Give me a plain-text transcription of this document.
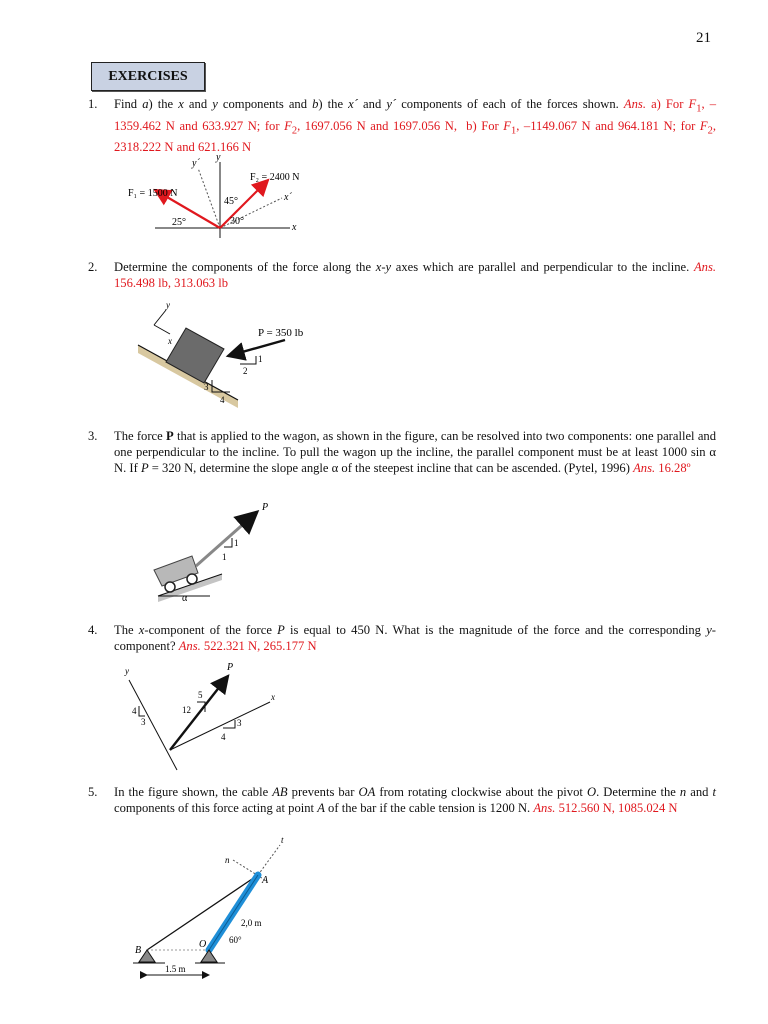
21
EXERCISES
1. Find a) the x and y components and b) the x´ and y´ components of each of the forces shown. Ans. a) For $F_1$, –1359.462 N and 633.927 N; for $F_2$, 1697.056 N and 1697.056 N,  b) For $F_1$, –1149.067 N and 964.181 N; for $F_2$, 2318.222 N and 621.166 N
F₁ = 1500 N
F₂ = 2400 N
25°
45°
30°
x
y
x´
y´
2. Determine the components of the force along the x-y axes which are parallel and perpendicular to the incline. Ans. 156.498 lb, 313.063 lb
y
x
P = 350 lb
1
2
3
4
3. The force P that is applied to the wagon, as shown in the figure, can be resolved into two components: one parallel and one perpendicular to the incline. To pull the wagon up the incline, the parallel component must be at least 1000 sin α N. If P = 320 N, determine the slope angle α of the steepest incline that can be ascended. (Pytel, 1996) Ans. 16.28º
P
1
1
α
4. The x-component of the force P is equal to 450 N. What is the magnitude of the force and the corresponding y-component? Ans. 522.321 N, 265.177 N
y
x
P
4
3
5
12
3
4
5. In the figure shown, the cable AB prevents bar OA from rotating clockwise about the pivot O. Determine the n and t components of this force acting at point A of the bar if the cable tension is 1200 N. Ans. 512.560 N, 1085.024 N
n
t
A
B
O
2,0 m
60°
1.5 m
